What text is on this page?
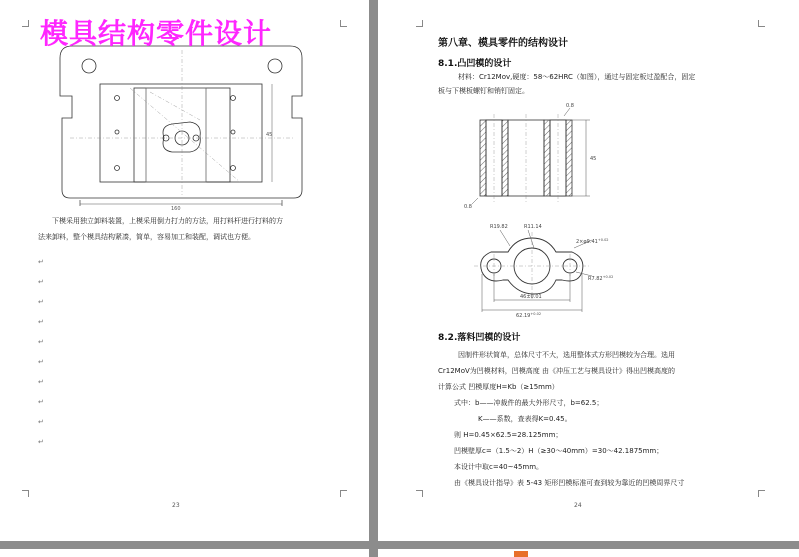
160
45
下模采用独立卸料装置，上模采用倒力打力的方法，用打料杆进行打料的方
法来卸料，整个模具结构紧凑，简单，容易加工和装配，调试也方便。
↵
↵
↵
↵
↵
↵
↵
↵
↵
↵
23
第八章、模具零件的结构设计
8.1.凸凹模的设计
材料：Cr12Mov,硬度：58～62HRC（如图），通过与固定板过盈配合，固定
板与下模板螺钉和销钉固定。
0.8
45
0.8
R19.82	R11.14
$2\times\varphi 9.41^{+0.02}$
$R7.82^{+0.02}$
46±0.01
$62.19^{+0.02}$
8.2.落料凹模的设计
因制件形状简单，总体尺寸不大，选用整体式方形凹模较为合理。选用
Cr12MoV为凹模材料，凹模高度 由《冲压工艺与模具设计》得出凹模高度的
计算公式 凹模厚度H=Kb（≥15mm）
式中：b——冲裁件的最大外形尺寸，b=62.5；
K——系数，查表得K=0.45。
则 H=0.45×62.5=28.125mm；
凹模壁厚c=（1.5～2）H（≥30～40mm）=30～42.1875mm；
本设计中取c=40~45mm。
由《模具设计指导》表 5-43 矩形凹模标准可查到较为靠近的凹模周界尺寸
24
模具结构零件设计
